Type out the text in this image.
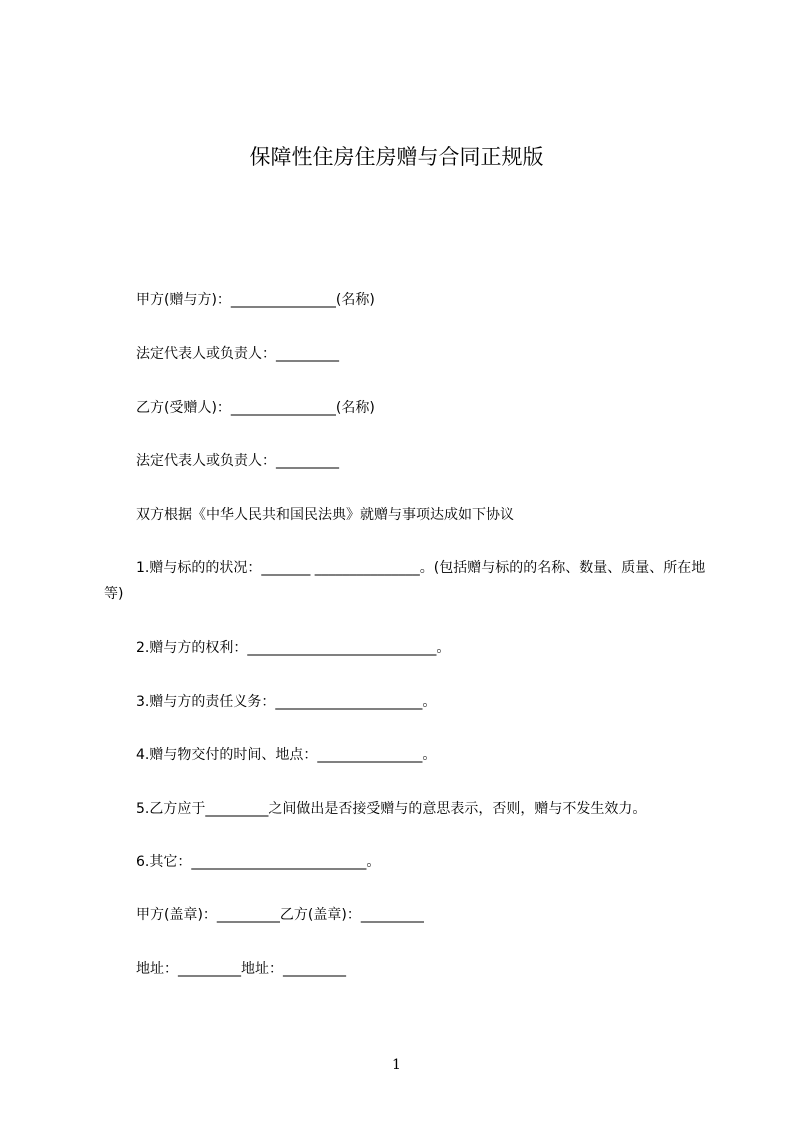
保障性住房住房赠与合同正规版
甲方(赠与方)：_______________(名称)
法定代表人或负责人：_________
乙方(受赠人)：_______________(名称)
法定代表人或负责人：_________
双方根据《中华人民共和国民法典》就赠与事项达成如下协议
1.赠与标的的状况：_______ _______________。(包括赠与标的的名称、数量、质量、所在地等)
2.赠与方的权利：___________________________。
3.赠与方的责任义务：_____________________。
4.赠与物交付的时间、地点：_______________。
5.乙方应于_________之间做出是否接受赠与的意思表示，否则，赠与不发生效力。
6.其它：_________________________。
甲方(盖章)：_________乙方(盖章)：_________
地址：_________地址：_________
1
